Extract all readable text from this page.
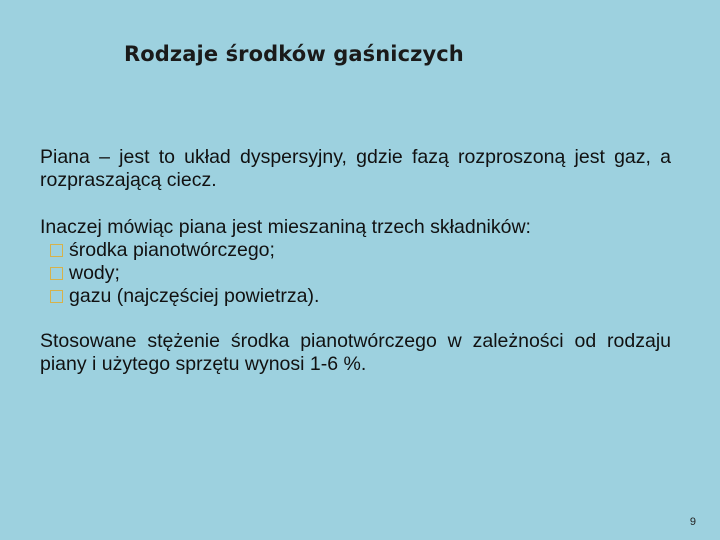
Rodzaje środków gaśniczych
Piana – jest to układ dyspersyjny, gdzie fazą rozproszoną jest gaz, a rozpraszającą ciecz.
Inaczej mówiąc piana jest mieszaniną trzech składników:
środka pianotwórczego;
wody;
gazu (najczęściej powietrza).
Stosowane stężenie środka pianotwórczego w zależności od rodzaju piany i użytego sprzętu wynosi 1-6 %.
9
